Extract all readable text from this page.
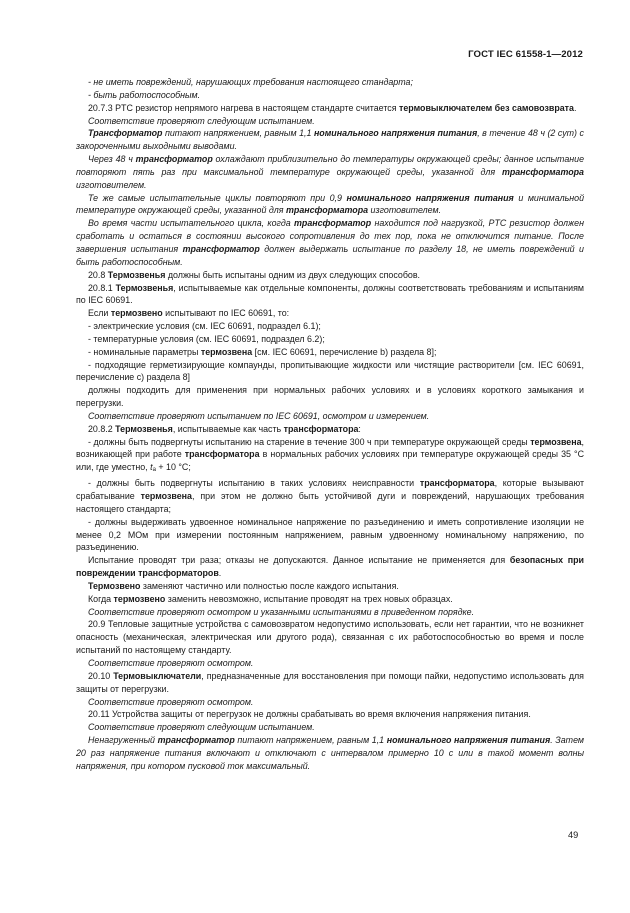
ГОСТ IEC 61558-1—2012

- не иметь повреждений, нарушающих требования настоящего стандарта;

- быть работоспособным.

20.7.3 PTC резистор непрямого нагрева в настоящем стандарте считается термовыключателем без самовозврата.

Соответствие проверяют следующим испытанием.

Трансформатор питают напряжением, равным 1,1 номинального напряжения питания, в течение 48 ч (2 сут) с закороченными выходными выводами.

Через 48 ч трансформатор охлаждают приблизительно до температуры окружающей среды; данное испытание повторяют пять раз при максимальной температуре окружающей среды, указанной для трансформатора изготовителем.

Те же самые испытательные циклы повторяют при 0,9 номинального напряжения питания и минимальной температуре окружающей среды, указанной для трансформатора изготовителем.

Во время части испытательного цикла, когда трансформатор находится под нагрузкой, PTC резистор должен сработать и остаться в состоянии высокого сопротивления до тех пор, пока не отключится питание. После завершения испытания трансформатор должен выдержать испытание по разделу 18, не иметь повреждений и быть работоспособным.

20.8 Термозвенья должны быть испытаны одним из двух следующих способов.

20.8.1 Термозвенья, испытываемые как отдельные компоненты, должны соответствовать требованиям и испытаниям по IEC 60691.

Если термозвено испытывают по IEC 60691, то:

- электрические условия (см. IEC 60691, подраздел 6.1);

- температурные условия (см. IEC 60691, подраздел 6.2);

- номинальные параметры термозвена [см. IEC 60691, перечисление b) раздела 8];

- подходящие герметизирующие компаунды, пропитывающие жидкости или чистящие растворители [см. IEC 60691, перечисление с) раздела 8]

должны подходить для применения при нормальных рабочих условиях и в условиях короткого замыкания и перегрузки.

Соответствие проверяют испытанием по IEC 60691, осмотром и измерением.

20.8.2 Термозвенья, испытываемые как часть трансформатора:

- должны быть подвергнуты испытанию на старение в течение 300 ч при температуре окружающей среды термозвена, возникающей при работе трансформатора в нормальных рабочих условиях при температуре окружающей среды 35 °С или, где уместно, $t_a + 10$ °С;

- должны быть подвергнуты испытанию в таких условиях неисправности трансформатора, которые вызывают срабатывание термозвена, при этом не должно быть устойчивой дуги и повреждений, нарушающих требования настоящего стандарта;

- должны выдерживать удвоенное номинальное напряжение по разъединению и иметь сопротивление изоляции не менее 0,2 МОм при измерении постоянным напряжением, равным удвоенному номинальному напряжению, по разъединению.

Испытание проводят три раза; отказы не допускаются. Данное испытание не применяется для безопасных при повреждении трансформаторов.

Термозвено заменяют частично или полностью после каждого испытания.

Когда термозвено заменить невозможно, испытание проводят на трех новых образцах.

Соответствие проверяют осмотром и указанными испытаниями в приведенном порядке.

20.9 Тепловые защитные устройства с самовозвратом недопустимо использовать, если нет гарантии, что не возникнет опасность (механическая, электрическая или другого рода), связанная с их работоспособностью во время и после испытаний по настоящему стандарту.

Соответствие проверяют осмотром.

20.10 Термовыключатели, предназначенные для восстановления при помощи пайки, недопустимо использовать для защиты от перегрузки.

Соответствие проверяют осмотром.

20.11 Устройства защиты от перегрузок не должны срабатывать во время включения напряжения питания.

Соответствие проверяют следующим испытанием.

Ненагруженный трансформатор питают напряжением, равным 1,1 номинального напряжения питания. Затем 20 раз напряжение питания включают и отключают с интервалом примерно 10 с или в такой момент волны напряжения, при котором пусковой ток максимальный.

49
